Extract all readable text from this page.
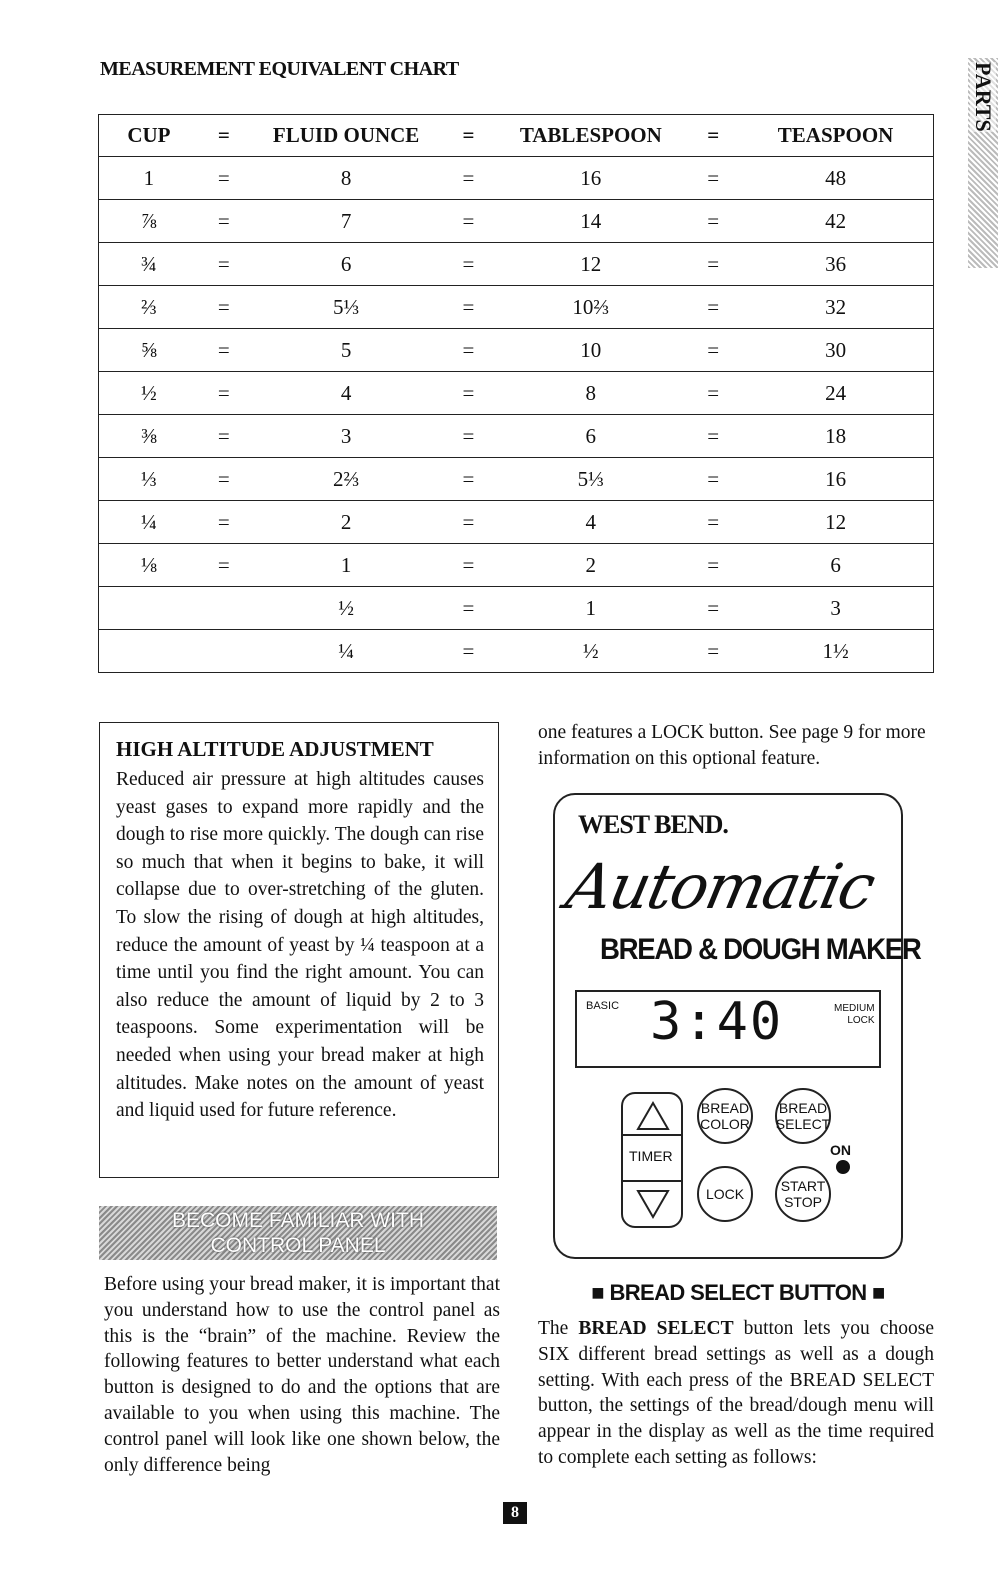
MEASUREMENT EQUIVALENT CHART	PARTS
CUP	=	FLUID OUNCE	=	TABLESPOON	=	TEASPOON
1	=	8	=	16	=	48
⅞	=	7	=	14	=	42
¾	=	6	=	12	=	36
⅔	=	5⅓	=	10⅔	=	32
⅝	=	5	=	10	=	30
½	=	4	=	8	=	24
⅜	=	3	=	6	=	18
⅓	=	2⅔	=	5⅓	=	16
¼	=	2	=	4	=	12
⅛	=	1	=	2	=	6
		½	=	1	=	3
		¼	=	½	=	1½
HIGH ALTITUDE ADJUSTMENT
Reduced air pressure at high altitudes causes yeast gases to expand more rapidly and the dough to rise more quickly. The dough can rise so much that when it begins to bake, it will collapse due to over-stretching of the gluten. To slow the rising of dough at high altitudes, reduce the amount of yeast by ¼ teaspoon at a time until you find the right amount. You can also reduce the amount of liquid by 2 to 3 teaspoons. Some experimentation will be needed when using your bread maker at high altitudes. Make notes on the amount of yeast and liquid used for future reference.
BECOME FAMILIAR WITH
CONTROL PANEL
Before using your bread maker, it is important that you understand how to use the control panel as this is the “brain” of the machine. Review the following features to better understand what each button is designed to do and the options that are available to you when using this machine. The control panel will look like one shown below, the only difference being
one features a LOCK button. See page 9 for more information on this optional feature.
WEST BEND.
Automatic
BREAD & DOUGH MAKER
BASIC 3:40	MEDIUM
LOCK
TIMER
BREAD COLOR
BREAD SELECT
LOCK	START STOP
ON
■ BREAD SELECT BUTTON ■
The BREAD SELECT button lets you choose SIX different bread settings as well as a dough setting. With each press of the BREAD SELECT button, the settings of the bread/dough menu will appear in the display as well as the time required to complete each setting as follows:
8
